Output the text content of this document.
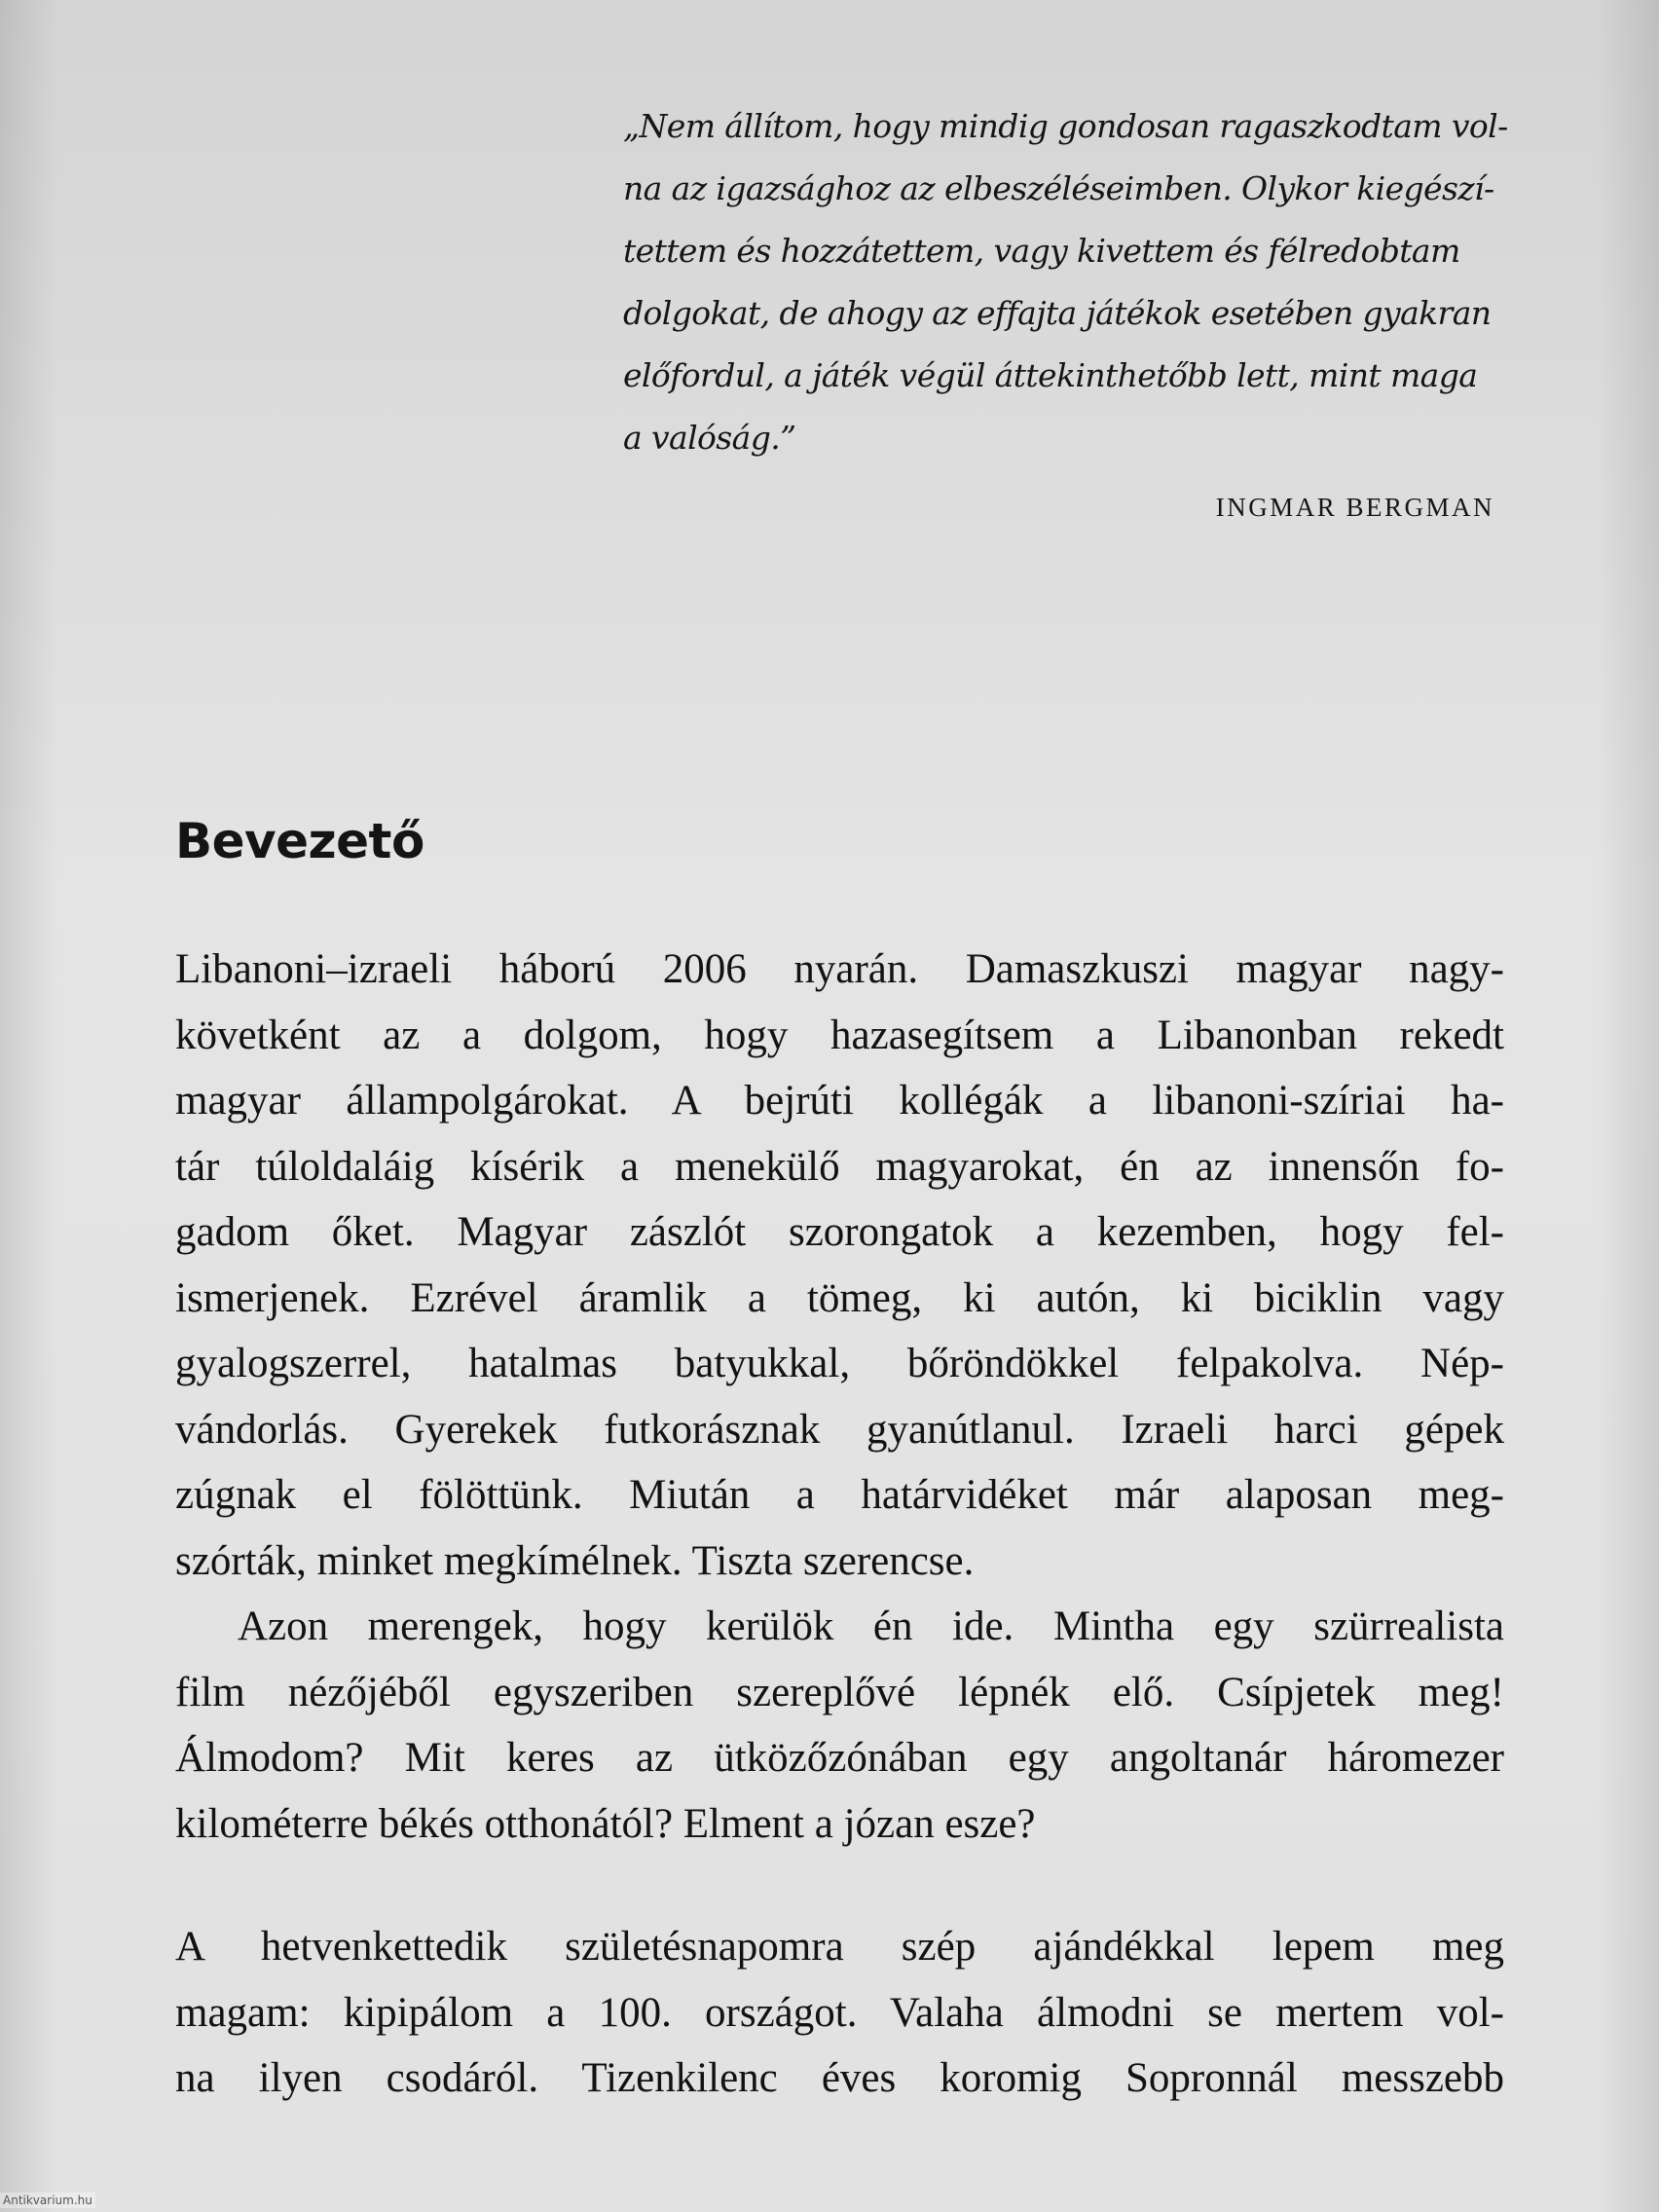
„Nem állítom, hogy mindig gondosan ragaszkodtam vol-
na az igazsághoz az elbeszéléseimben. Olykor kiegészí-
tettem és hozzátettem, vagy kivettem és félredobtam
dolgokat, de ahogy az effajta játékok esetében gyakran
előfordul, a játék végül áttekinthetőbb lett, mint maga
a valóság.”
INGMAR BERGMAN
Bevezető
Libanoni–izraeli háború 2006 nyarán. Damaszkuszi magyar nagy-
követként az a dolgom, hogy hazasegítsem a Libanonban rekedt
magyar állampolgárokat. A bejrúti kollégák a libanoni-szíriai ha-
tár túloldaláig kísérik a menekülő magyarokat, én az innensőn fo-
gadom őket. Magyar zászlót szorongatok a kezemben, hogy fel-
ismerjenek. Ezrével áramlik a tömeg, ki autón, ki biciklin vagy
gyalogszerrel, hatalmas batyukkal, bőröndökkel felpakolva. Nép-
vándorlás. Gyerekek futkorásznak gyanútlanul. Izraeli harci gépek
zúgnak el fölöttünk. Miután a határvidéket már alaposan meg-
szórták, minket megkímélnek. Tiszta szerencse.
Azon merengek, hogy kerülök én ide. Mintha egy szürrealista
film nézőjéből egyszeriben szereplővé lépnék elő. Csípjetek meg!
Álmodom? Mit keres az ütközőzónában egy angoltanár háromezer
kilométerre békés otthonától? Elment a józan esze?
A hetvenkettedik születésnapomra szép ajándékkal lepem meg
magam: kipipálom a 100. országot. Valaha álmodni se mertem vol-
na ilyen csodáról. Tizenkilenc éves koromig Sopronnál messzebb
Antikvarium.hu
